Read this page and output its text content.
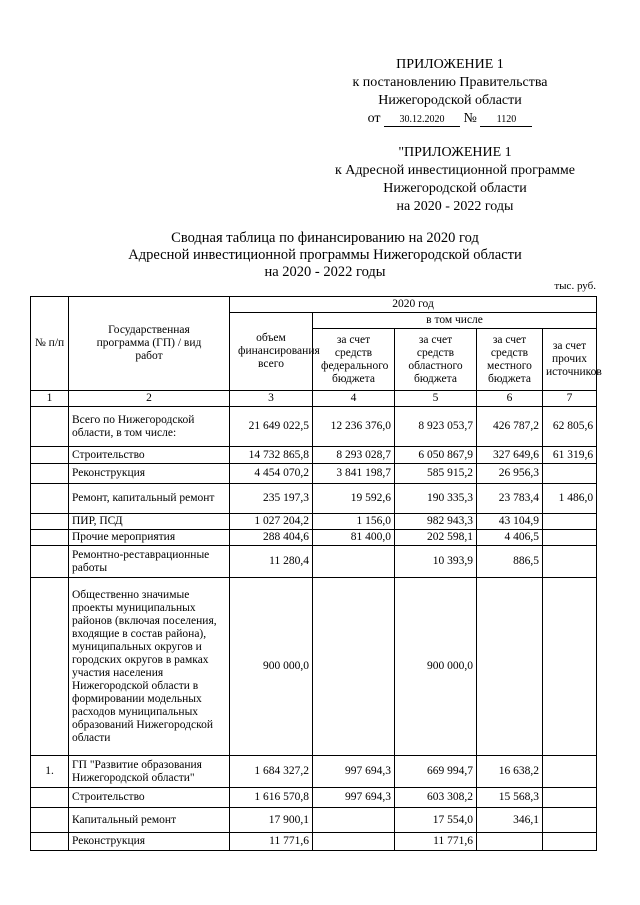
ПРИЛОЖЕНИЕ 1
к постановлению Правительства
Нижегородской области
от 30.12.2020 № 1120
"ПРИЛОЖЕНИЕ 1
к Адресной инвестиционной программе
Нижегородской области
на 2020 - 2022 годы
Сводная таблица по финансированию на 2020 год
Адресной инвестиционной программы Нижегородской области
на 2020 - 2022 годы
тыс. руб.
№ п/п	Государственная программа (ГП) / вид работ	2020 год				
		объем финансирования всего	в том числе			
			за счет средств федерального бюджета	за счет средств областного бюджета	за счет средств местного бюджета	за счет прочих источников
1	2	3	4	5	6	7
	Всего по Нижегородской области, в том числе:	21 649 022,5	12 236 376,0	8 923 053,7	426 787,2	62 805,6
	Строительство	14 732 865,8	8 293 028,7	6 050 867,9	327 649,6	61 319,6
	Реконструкция	4 454 070,2	3 841 198,7	585 915,2	26 956,3	
	Ремонт, капитальный ремонт	235 197,3	19 592,6	190 335,3	23 783,4	1 486,0
	ПИР, ПСД	1 027 204,2	1 156,0	982 943,3	43 104,9	
	Прочие мероприятия	288 404,6	81 400,0	202 598,1	4 406,5	
	Ремонтно-реставрационные работы	11 280,4		10 393,9	886,5	
	Общественно значимые проекты муниципальных районов (включая поселения, входящие в состав района), муниципальных округов и городских округов в рамках участия населения Нижегородской области в формировании модельных расходов муниципальных образований Нижегородской области	900 000,0		900 000,0		
1.	ГП "Развитие образования Нижегородской области"	1 684 327,2	997 694,3	669 994,7	16 638,2	
	Строительство	1 616 570,8	997 694,3	603 308,2	15 568,3	
	Капитальный ремонт	17 900,1		17 554,0	346,1	
	Реконструкция	11 771,6		11 771,6		
